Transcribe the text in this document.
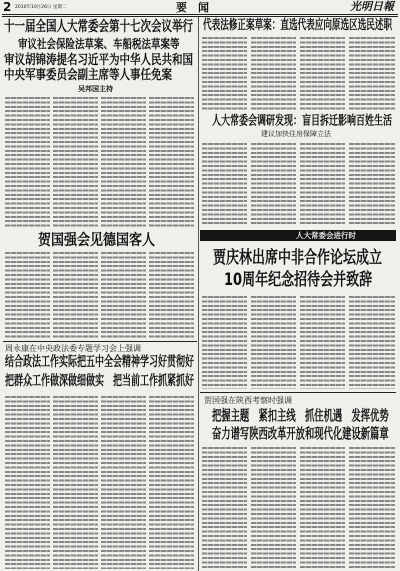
2 2010年10月26日 星期二	要　闻	光明日報
十一届全国人大常委会第十七次会议举行
审议社会保险法草案、车船税法草案等
审议胡锦涛提名习近平为中华人民共和国
中央军事委员会副主席等人事任免案
吴邦国主持
贺国强会见德国客人
周永康在中央政法委专题学习会上强调
结合政法工作实际把五中全会精神学习好贯彻好
把群众工作做深做细做实　把当前工作抓紧抓好
代表法修正案草案：直选代表应向原选区选民述职
人大常委会调研发现：盲目拆迁影响百姓生活
建议加快住房保障立法
人大常委会进行时
贾庆林出席中非合作论坛成立
10周年纪念招待会并致辞
贺国强在陕西考察时强调
把握主题　紧扣主线　抓住机遇　发挥优势
奋力谱写陕西改革开放和现代化建设新篇章
